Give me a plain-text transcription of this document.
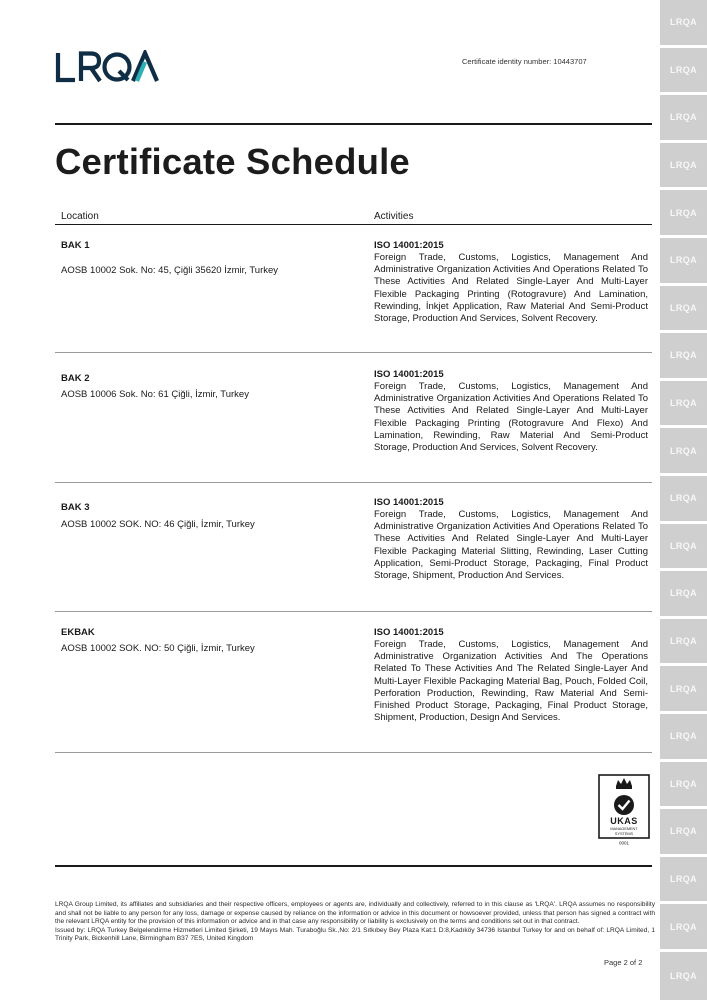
Certificate identity number: 10443707
Certificate Schedule
Location	Activities
BAK 1
AOSB 10002 Sok. No: 45, Çiğli 35620 İzmir, Turkey
ISO 14001:2015
Foreign Trade, Customs, Logistics, Management And Administrative Organization Activities And Operations Related To These Activities And Related Single-Layer And Multi-Layer Flexible Packaging Printing (Rotogravure) And Lamination, Rewinding, İnkjet Application, Raw Material And Semi-Product Storage, Production And Services, Solvent Recovery.
BAK 2
AOSB 10006 Sok. No: 61 Çiğli, İzmir, Turkey
ISO 14001:2015
Foreign Trade, Customs, Logistics, Management And Administrative Organization Activities And Operations Related To These Activities And Related Single-Layer And Multi-Layer Flexible Packaging Printing (Rotogravure And Flexo) And Lamination, Rewinding, Raw Material And Semi-Product Storage, Production And Services, Solvent Recovery.
BAK 3
AOSB 10002 SOK. NO: 46 Çiğli, İzmir, Turkey
ISO 14001:2015
Foreign Trade, Customs, Logistics, Management And Administrative Organization Activities And Operations Related To These Activities And Related Single-Layer And Multi-Layer Flexible Packaging Material Slitting, Rewinding, Laser Cutting Application, Semi-Product Storage, Packaging, Final Product Storage, Shipment, Production And Services.
EKBAK
AOSB 10002 SOK. NO: 50 Çiğli, İzmir, Turkey
ISO 14001:2015
Foreign Trade, Customs, Logistics, Management And Administrative Organization Activities And The Operations Related To These Activities And The Related Single-Layer And Multi-Layer Flexible Packaging Material Bag, Pouch, Folded Coil, Perforation Production, Rewinding, Raw Material And Semi-Finished Product Storage, Packaging, Final Product Storage, Shipment, Production, Design And Services.
UKAS
MANAGEMENT
SYSTEMS
0001
LRQA Group Limited, its affiliates and subsidiaries and their respective officers, employees or agents are, individually and collectively, referred to in this clause as 'LRQA'. LRQA assumes no responsibility and shall not be liable to any person for any loss, damage or expense caused by reliance on the information or advice in this document or howsoever provided, unless that person has signed a contract with the relevant LRQA entity for the provision of this information or advice and in that case any responsibility or liability is exclusively on the terms and conditions set out in that contract.
Issued by: LRQA Turkey Belgelendirme Hizmetleri Limited Şirketi, 19 Mayıs Mah. Turaboğlu Sk.,No: 2/1 Sıtkıbey Bey Plaza Kat:1 D:8,Kadıköy 34736 Istanbul Turkey for and on behalf of: LRQA Limited, 1 Trinity Park, Bickenhill Lane, Birmingham B37 7ES, United Kingdom
Page 2 of 2
LRQA
LRQA
LRQA
LRQA
LRQA
LRQA
LRQA
LRQA
LRQA
LRQA
LRQA
LRQA
LRQA
LRQA
LRQA
LRQA
LRQA
LRQA
LRQA
LRQA
LRQA
